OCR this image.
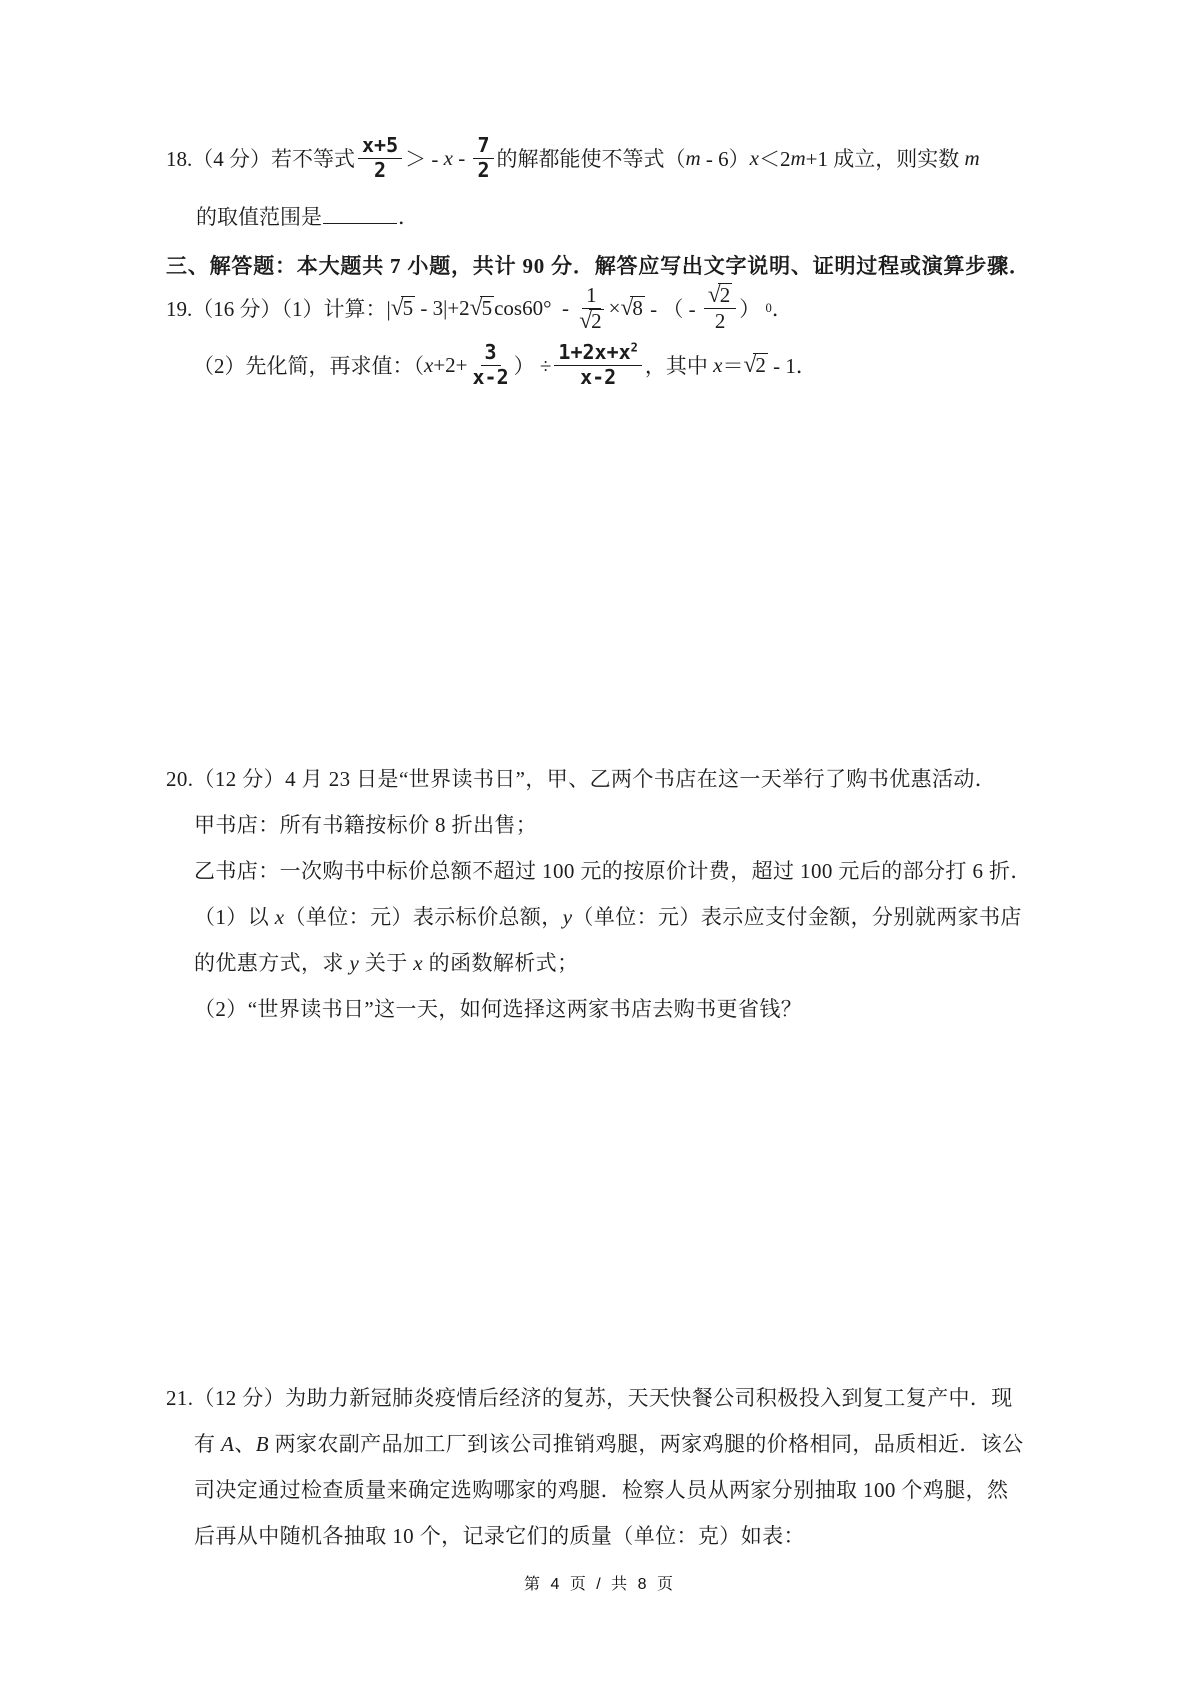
18.（4 分）若不等式 $\frac{x+5}{2}$ ＞ - x - $\frac{7}{2}$ 的解都能使不等式（ m - 6） x ＜2 m +1 成立，则实数 m
的取值范围是	．
三、解答题：本大题共 7 小题，共计 90 分．解答应写出文字说明、证明过程或演算步骤．
19.（16 分）（1）计算：| √ 5 - 3|+2 √ 5 $\cos 60^\circ - \frac{1}{√ 2}$ × √ 8 - （ - $\frac{√ 2}{2}$ ） 0 ．
（2）先化简，再求值：（ $x +2+ \frac{3}{x-2}$ ） ÷ $\frac{1+2x+x^2}{x-2}$ ，其中 x ＝ √ 2 - 1．
20.（12 分）4 月 23 日是“世界读书日”，甲、乙两个书店在这一天举行了购书优惠活动．
甲书店：所有书籍按标价 8 折出售；
乙书店：一次购书中标价总额不超过 100 元的按原价计费，超过 100 元后的部分打 6 折．
（1）以 x（单位：元）表示标价总额，y（单位：元）表示应支付金额，分别就两家书店
的优惠方式，求 y 关于 x 的函数解析式；
（2）“世界读书日”这一天，如何选择这两家书店去购书更省钱？
21.（12 分）为助力新冠肺炎疫情后经济的复苏，天天快餐公司积极投入到复工复产中．现
有 A、B 两家农副产品加工厂到该公司推销鸡腿，两家鸡腿的价格相同，品质相近．该公
司决定通过检查质量来确定选购哪家的鸡腿．检察人员从两家分别抽取 100 个鸡腿，然
后再从中随机各抽取 10 个，记录它们的质量（单位：克）如表：
第 4 页 / 共 8 页
